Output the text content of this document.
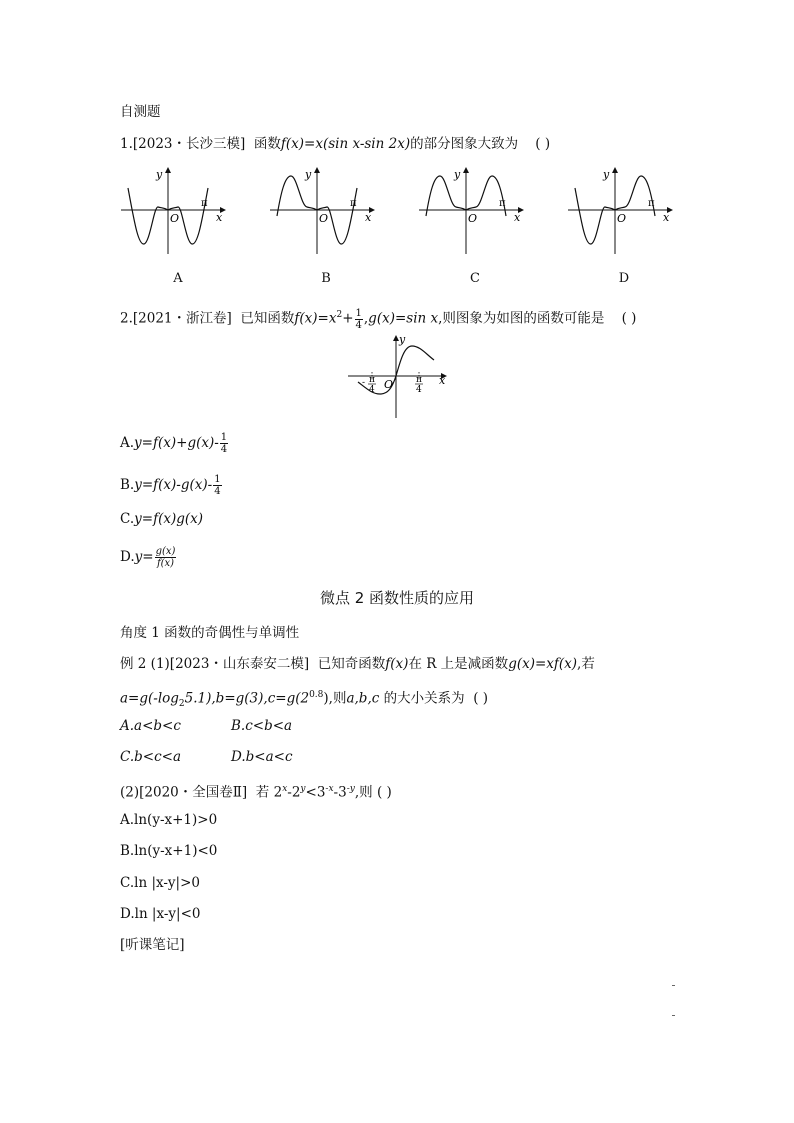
自测题
1.[2023・长沙三模] 函数f(x)=x(sin x-sin 2x)的部分图象大致为 ( )
y
O
π
x
y
O
π
x
y
O
π
x
y
O
π
x
A	B	C	D
2.[2021・浙江卷] 已知函数$f(x)=x^2+ \frac{1}{4} ,g(x)=\sin$ x,则图象为如图的函数可能是 ( )
y
O	x
- π
4
π
4
$A.y=f(x)+g(x)- \frac{1}{4}$
$B.y=f(x)-g(x)- \frac{1}{4}$
C.y=f(x)g(x)
$D.y= \frac{g(x)}{f(x)}$
微点 2 函数性质的应用
角度 1 函数的奇偶性与单调性
例 2 (1)[2023・山东泰安二模] 已知奇函数f(x)在 R 上是减函数g(x)=xf(x),若
$a=g(-\log_25.1),b=g(3),c=g(2^{0.8})$,则a,b,c 的大小关系为 ( )
A.a<b<c	B.c<b<a
C.b<c<a	D.b<a<c
(2)[2020・全国卷Ⅱ] 若 $2^x-2^y<3^{-x}-3^{-y}$,则 ( )
A.ln(y-x+1)>0
B.ln(y-x+1)<0
C.ln |x-y|>0
D.ln |x-y|<0
[听课笔记]
